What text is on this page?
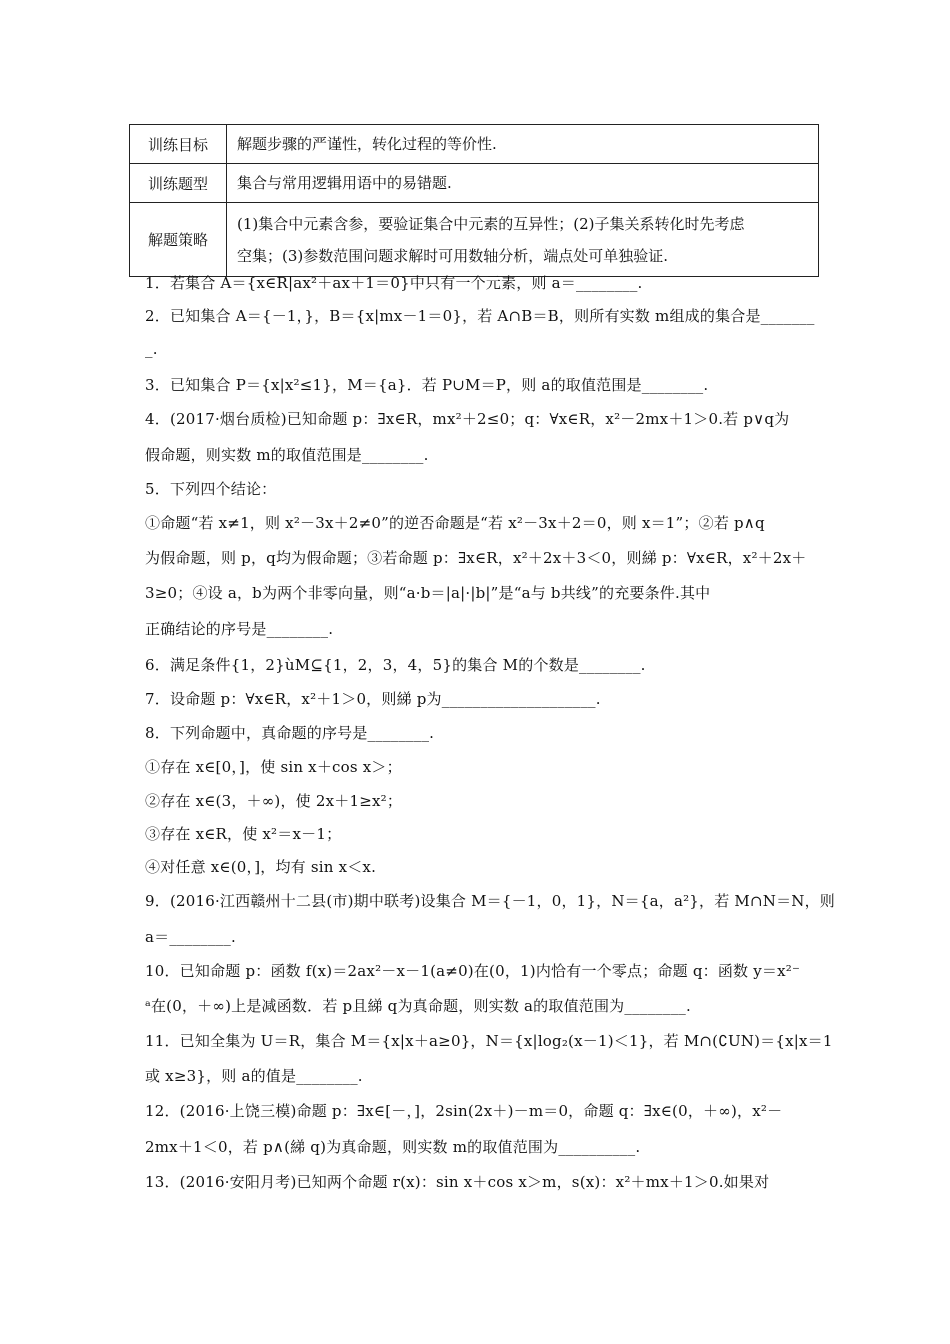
训练目标	解题步骤的严谨性，转化过程的等价性.
训练题型	集合与常用逻辑用语中的易错题.
解题策略	(1)集合中元素含参，要验证集合中元素的互异性；(2)子集关系转化时先考虑
空集；(3)参数范围问题求解时可用数轴分析，端点处可单独验证.
1．若集合 A＝{x∈R|ax²＋ax＋1＝0}中只有一个元素，则 a＝________.
2．已知集合 A＝{－1，}，B＝{x|mx－1＝0}，若 A∩B＝B，则所有实数 m组成的集合是_______
_.
3．已知集合 P＝{x|x²≤1}，M＝{a}．若 P∪M＝P，则 a的取值范围是________.
4．(2017·烟台质检)已知命题 p：∃x∈R，mx²＋2≤0；q：∀x∈R，x²－2mx＋1＞0.若 p∨q为
假命题，则实数 m的取值范围是________.
5．下列四个结论：
①命题“若 x≠1，则 x²－3x＋2≠0”的逆否命题是“若 x²－3x＋2＝0，则 x＝1”；②若 p∧q
为假命题，则 p，q均为假命题；③若命题 p：∃x∈R，x²＋2x＋3＜0，则綈 p：∀x∈R，x²＋2x＋
3≥0；④设 a，b为两个非零向量，则“a·b＝|a|·|b|”是“a与 b共线”的充要条件.其中
正确结论的序号是________.
6．满足条件{1，2}ùM⊆{1，2，3，4，5}的集合 M的个数是________.
7．设命题 p：∀x∈R，x²＋1＞0，则綈 p为____________________.
8．下列命题中，真命题的序号是________.
①存在 x∈[0，]，使 sin x＋cos x＞；
②存在 x∈(3，＋∞)，使 2x＋1≥x²；
③存在 x∈R，使 x²＝x－1；
④对任意 x∈(0，]，均有 sin x＜x.
9．(2016·江西赣州十二县(市)期中联考)设集合 M＝{－1，0，1}，N＝{a，a²}，若 M∩N＝N，则
a＝________.
10．已知命题 p：函数 f(x)＝2ax²－x－1(a≠0)在(0，1)内恰有一个零点；命题 q：函数 y＝x²⁻
ᵃ在(0，＋∞)上是减函数．若 p且綈 q为真命题，则实数 a的取值范围为________.
11．已知全集为 U＝R，集合 M＝{x|x＋a≥0}，N＝{x|log₂(x－1)＜1}，若 M∩(∁UN)＝{x|x＝1
或 x≥3}，则 a的值是________.
12．(2016·上饶三模)命题 p：∃x∈[－，]，2sin(2x＋)－m＝0，命题 q：∃x∈(0，＋∞)，x²－
2mx＋1＜0，若 p∧(綈 q)为真命题，则实数 m的取值范围为__________.
13．(2016·安阳月考)已知两个命题 r(x)：sin x＋cos x＞m，s(x)：x²＋mx＋1＞0.如果对
